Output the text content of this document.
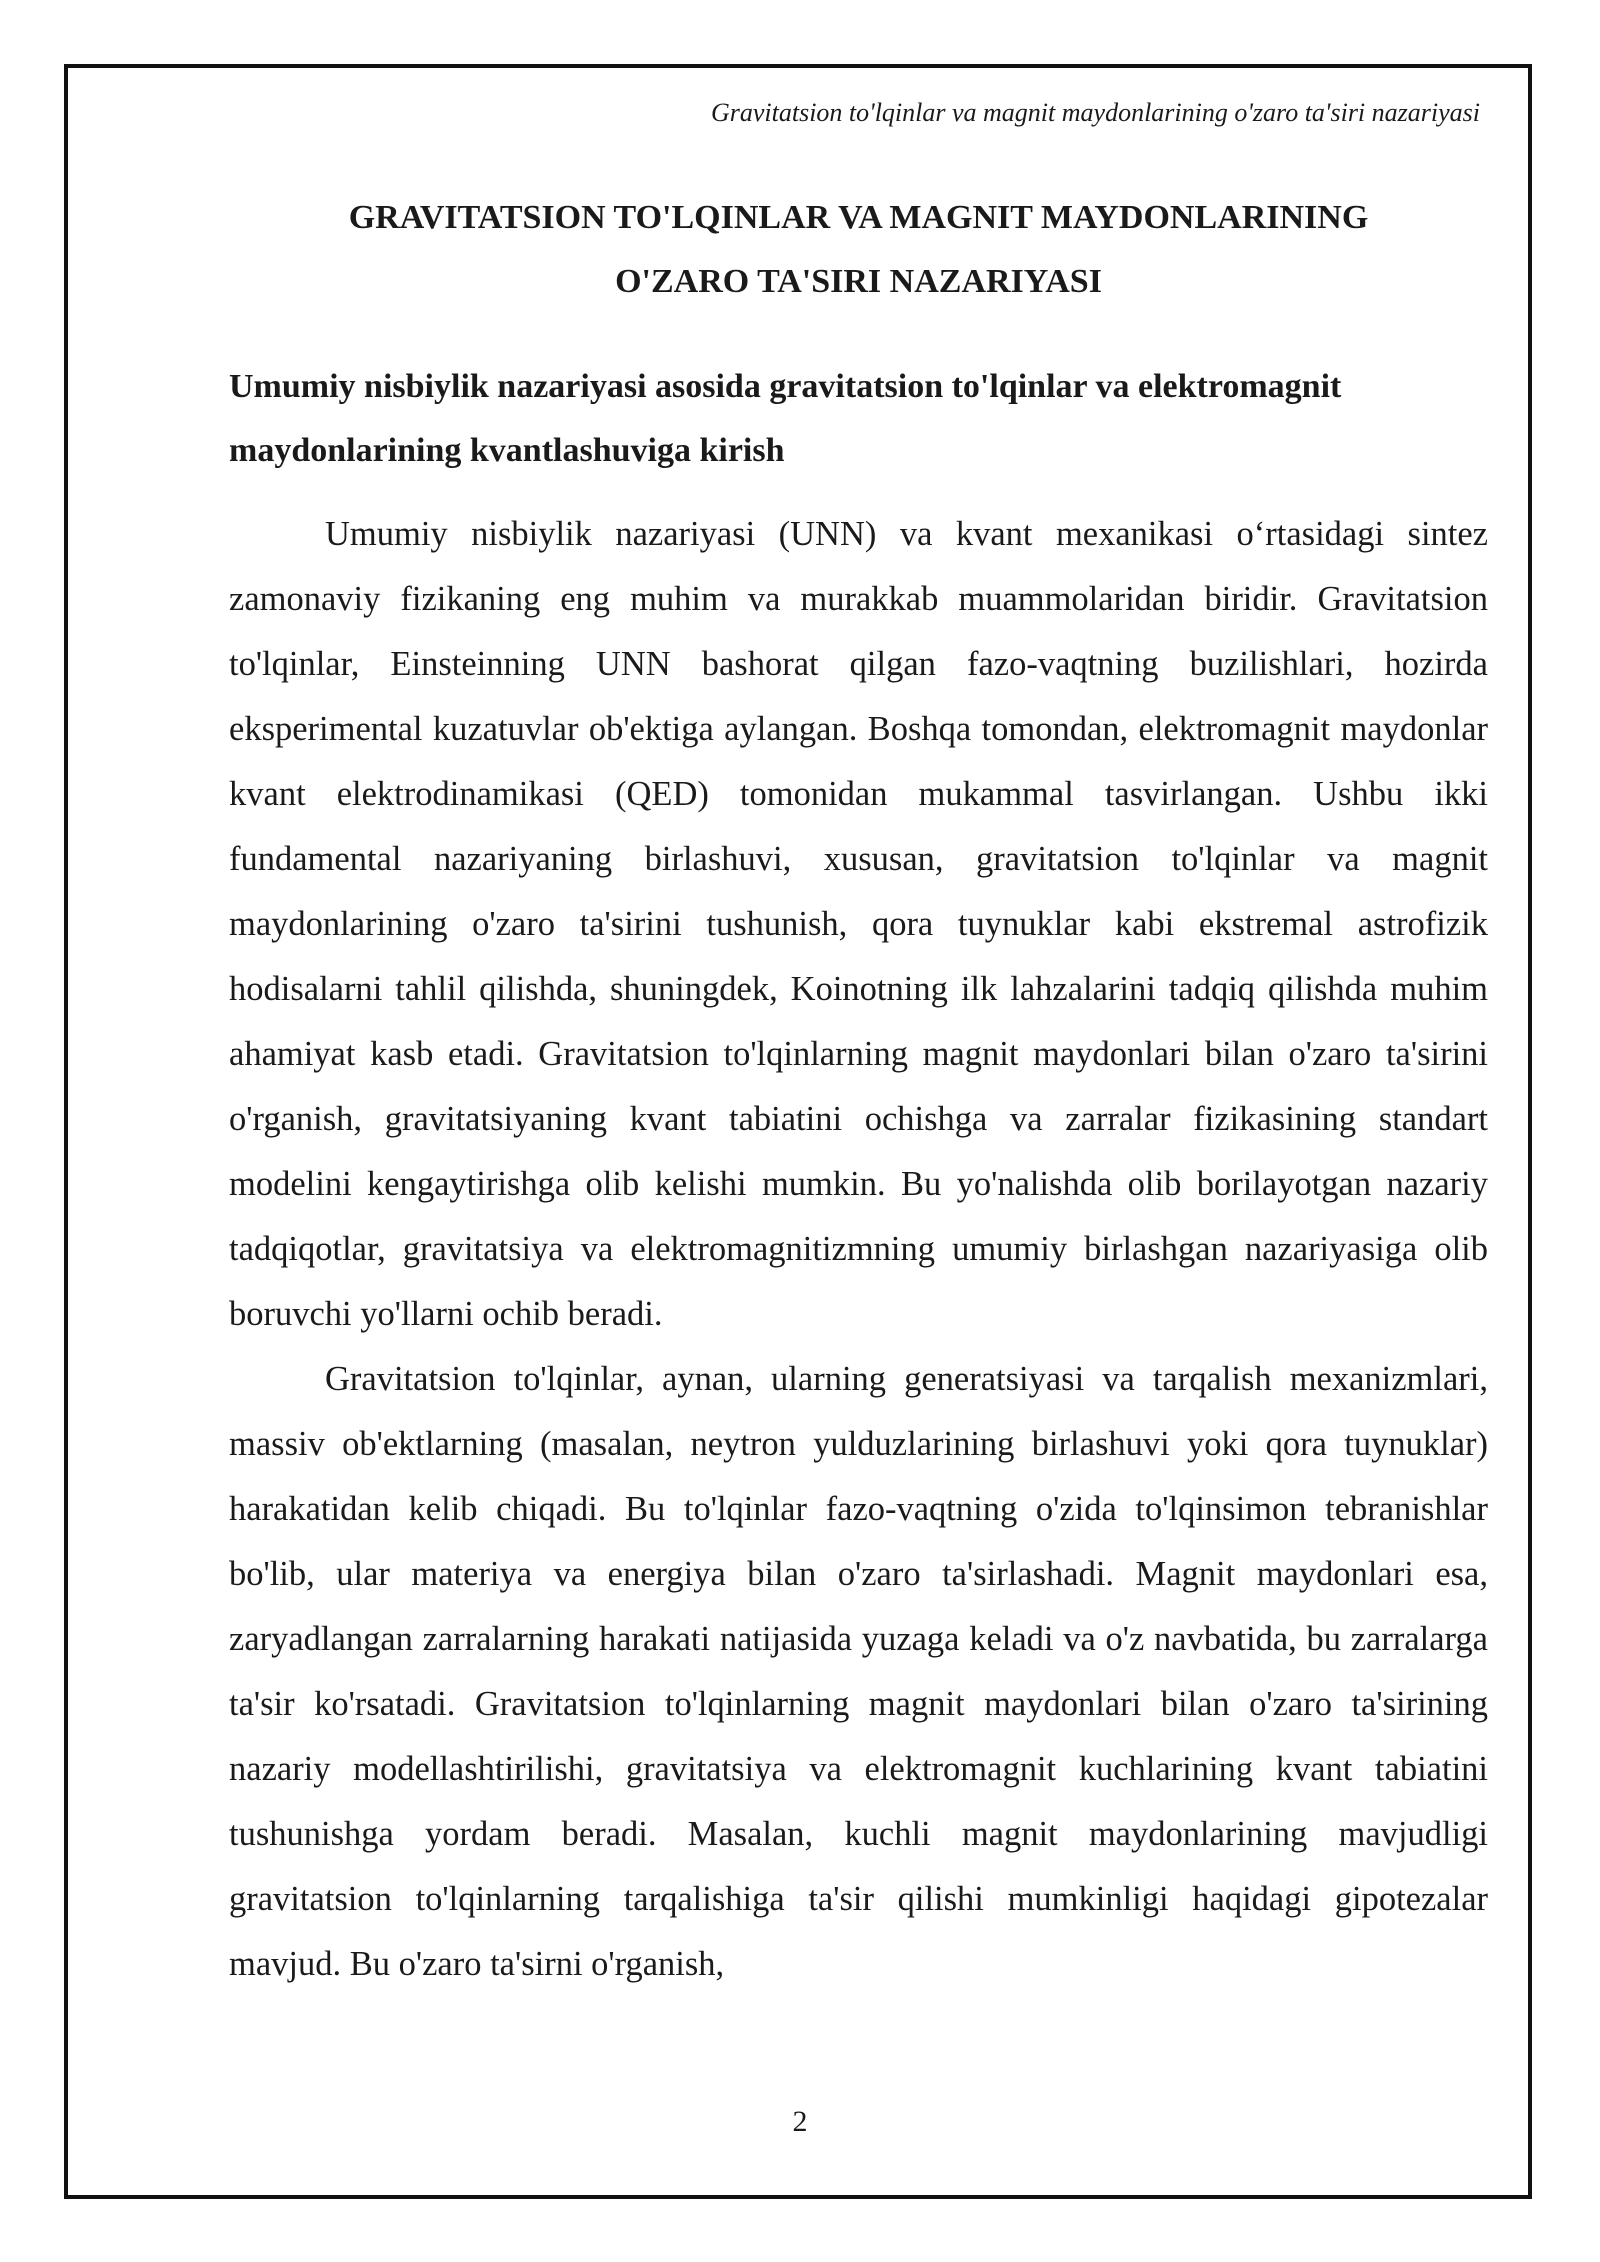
Gravitatsion to'lqinlar va magnit maydonlarining o'zaro ta'siri nazariyasi
GRAVITATSION TO'LQINLAR VA MAGNIT MAYDONLARINING
O'ZARO TA'SIRI NAZARIYASI
Umumiy nisbiylik nazariyasi asosida gravitatsion to'lqinlar va elektromagnit maydonlarining kvantlashuviga kirish

Umumiy nisbiylik nazariyasi (UNN) va kvant mexanikasi o‘rtasidagi sintez zamonaviy fizikaning eng muhim va murakkab muammolaridan biridir. Gravitatsion to'lqinlar, Einsteinning UNN bashorat qilgan fazo-vaqtning buzilishlari, hozirda eksperimental kuzatuvlar ob'ektiga aylangan. Boshqa tomondan, elektromagnit maydonlar kvant elektrodinamikasi (QED) tomonidan mukammal tasvirlangan. Ushbu ikki fundamental nazariyaning birlashuvi, xususan, gravitatsion to'lqinlar va magnit maydonlarining o'zaro ta'sirini tushunish, qora tuynuklar kabi ekstremal astrofizik hodisalarni tahlil qilishda, shuningdek, Koinotning ilk lahzalarini tadqiq qilishda muhim ahamiyat kasb etadi. Gravitatsion to'lqinlarning magnit maydonlari bilan o'zaro ta'sirini o'rganish, gravitatsiyaning kvant tabiatini ochishga va zarralar fizikasining standart modelini kengaytirishga olib kelishi mumkin. Bu yo'nalishda olib borilayotgan nazariy tadqiqotlar, gravitatsiya va elektromagnitizmning umumiy birlashgan nazariyasiga olib boruvchi yo'llarni ochib beradi.

Gravitatsion to'lqinlar, aynan, ularning generatsiyasi va tarqalish mexanizmlari, massiv ob'ektlarning (masalan, neytron yulduzlarining birlashuvi yoki qora tuynuklar) harakatidan kelib chiqadi. Bu to'lqinlar fazo-vaqtning o'zida to'lqinsimon tebranishlar bo'lib, ular materiya va energiya bilan o'zaro ta'sirlashadi. Magnit maydonlari esa, zaryadlangan zarralarning harakati natijasida yuzaga keladi va o'z navbatida, bu zarralarga ta'sir ko'rsatadi. Gravitatsion to'lqinlarning magnit maydonlari bilan o'zaro ta'sirining nazariy modellashtirilishi, gravitatsiya va elektromagnit kuchlarining kvant tabiatini tushunishga yordam beradi. Masalan, kuchli magnit maydonlarining mavjudligi gravitatsion to'lqinlarning tarqalishiga ta'sir qilishi mumkinligi haqidagi gipotezalar mavjud. Bu o'zaro ta'sirni o'rganish,

2
